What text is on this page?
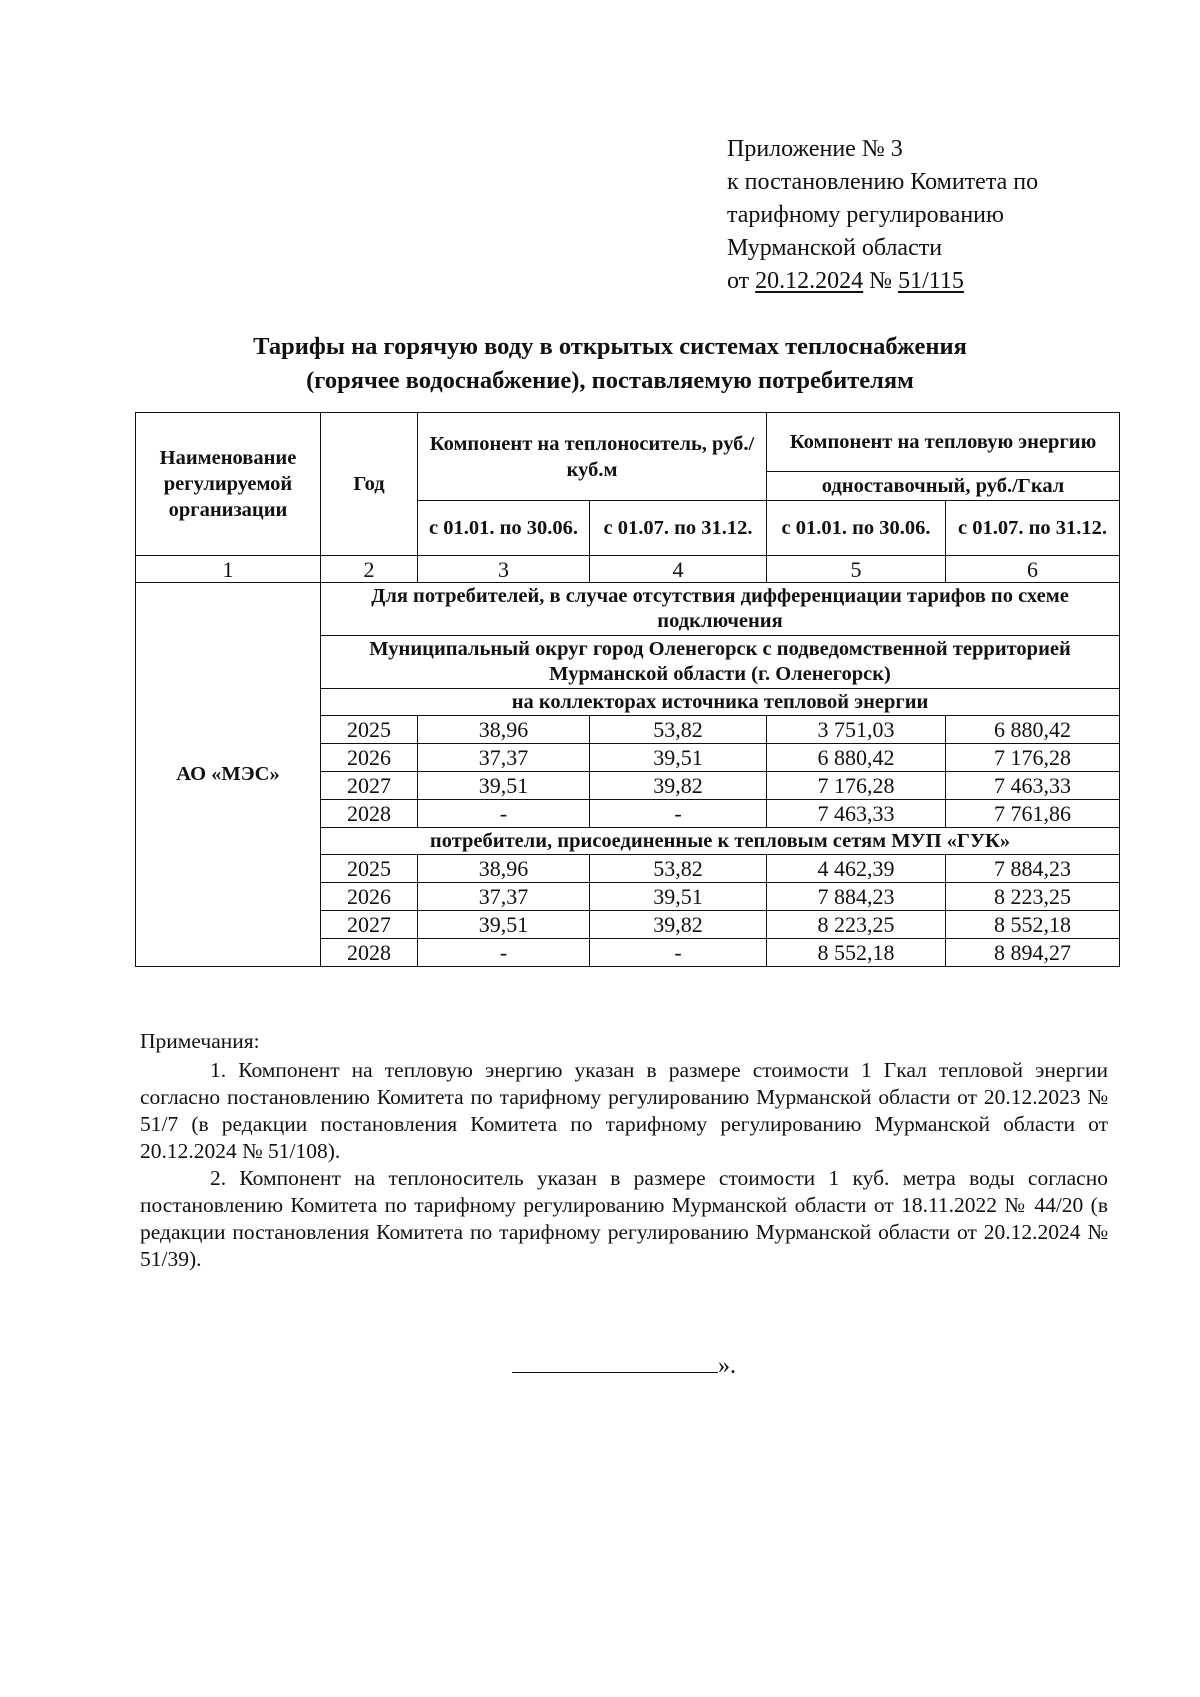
Приложение № 3
к постановлению Комитета по
тарифному регулированию
Мурманской области
от 20.12.2024 № 51/115
Тарифы на горячую воду в открытых системах теплоснабжения
(горячее водоснабжение), поставляемую потребителям
Наименование регулируемой организации	Год	Компонент на теплоноситель, руб./куб.м		Компонент на тепловую энергию	
				одноставочный, руб./Гкал	
		с 01.01. по 30.06.	с 01.07. по 31.12.	с 01.01. по 30.06.	с 01.07. по 31.12.
1	2	3	4	5	6
АО «МЭС»	Для потребителей, в случае отсутствия дифференциации тарифов по схеме подключения				
	Муниципальный округ город Оленегорск с подведомственной территорией Мурманской области (г. Оленегорск)				
	на коллекторах источника тепловой энергии				
	2025	38,96	53,82	3 751,03	6 880,42
	2026	37,37	39,51	6 880,42	7 176,28
	2027	39,51	39,82	7 176,28	7 463,33
	2028	-	-	7 463,33	7 761,86
	потребители, присоединенные к тепловым сетям МУП «ГУК»				
	2025	38,96	53,82	4 462,39	7 884,23
	2026	37,37	39,51	7 884,23	8 223,25
	2027	39,51	39,82	8 223,25	8 552,18
	2028	-	-	8 552,18	8 894,27

Примечания:

1. Компонент на тепловую энергию указан в размере стоимости 1 Гкал тепловой энергии согласно постановлению Комитета по тарифному регулированию Мурманской области от 20.12.2023 № 51/7 (в редакции постановления Комитета по тарифному регулированию Мурманской области от 20.12.2024 № 51/108).

2. Компонент на теплоноситель указан в размере стоимости 1 куб. метра воды согласно постановлению Комитета по тарифному регулированию Мурманской области от 18.11.2022 № 44/20 (в редакции постановления Комитета по тарифному регулированию Мурманской области от 20.12.2024 № 51/39).

».
